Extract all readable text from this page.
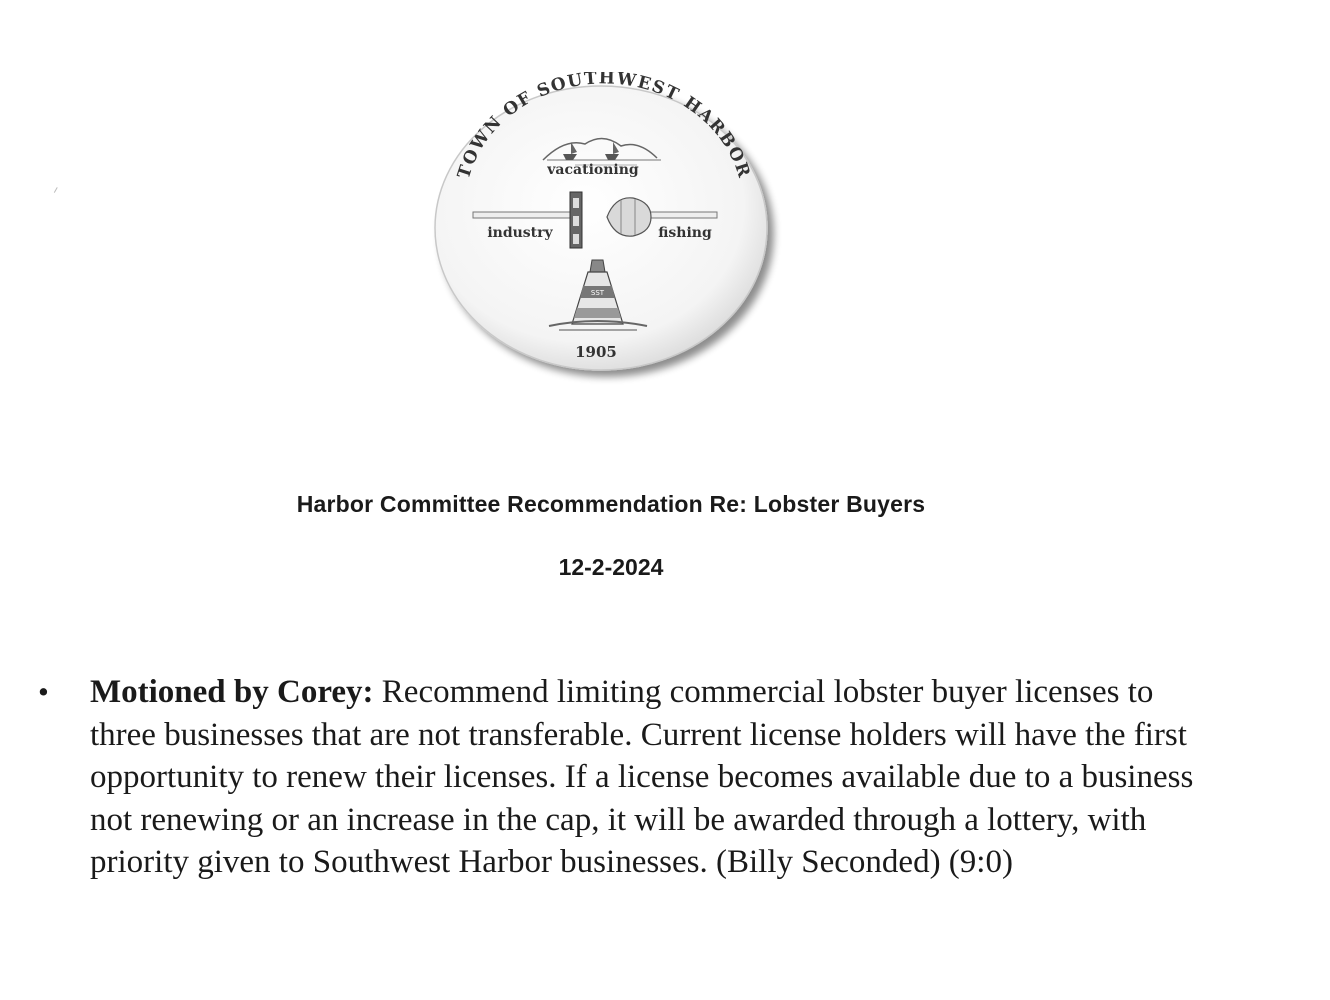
TOWN OF SOUTHWEST HARBOR
vacationing
industry	fishing
SST
1905
Harbor Committee Recommendation Re: Lobster Buyers
12-2-2024
•	Motioned by Corey: Recommend limiting commercial lobster buyer licenses to three businesses that are not transferable. Current license holders will have the first opportunity to renew their licenses. If a license becomes available due to a business not renewing or an increase in the cap, it will be awarded through a lottery, with priority given to Southwest Harbor businesses. (Billy Seconded) (9:0)
